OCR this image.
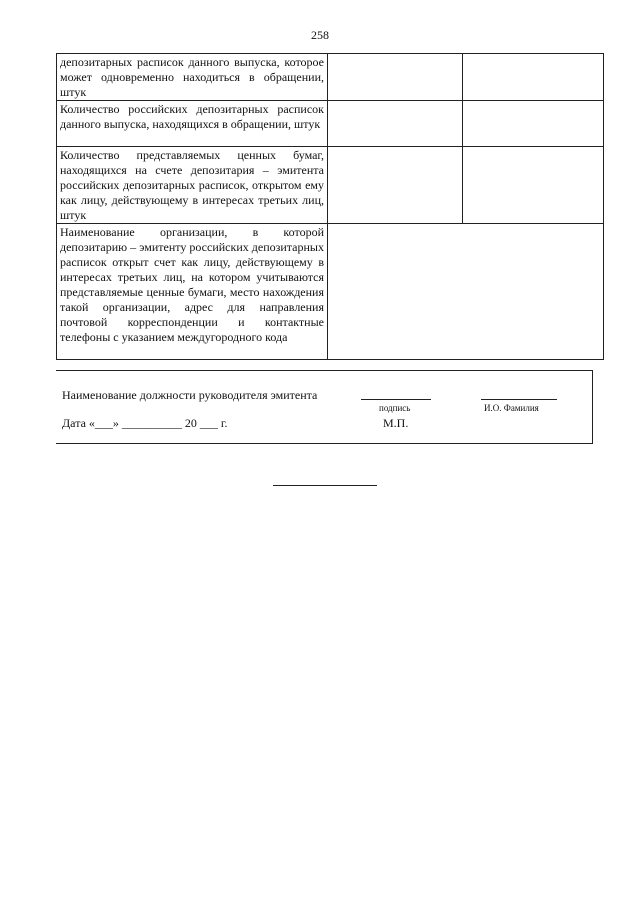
258
депозитарных расписок данного выпуска, которое может одновременно находиться в обращении, штук		
Количество российских депозитарных расписок данного выпуска, находящихся в обращении, штук		
Количество представляемых ценных бумаг, находящихся на счете депозитария – эмитента российских депозитарных расписок, открытом ему как лицу, действующему в интересах третьих лиц, штук		
Наименование организации, в которой депозитарию – эмитенту российских депозитарных расписок открыт счет как лицу, действующему в интересах третьих лиц, на котором учитываются представляемые ценные бумаги, место нахождения такой организации, адрес для направления почтовой корреспонденции и контактные телефоны с указанием междугородного кода		
Наименование должности руководителя эмитента
подпись	И.О. Фамилия
Дата «___» __________ 20 ___ г.	М.П.
